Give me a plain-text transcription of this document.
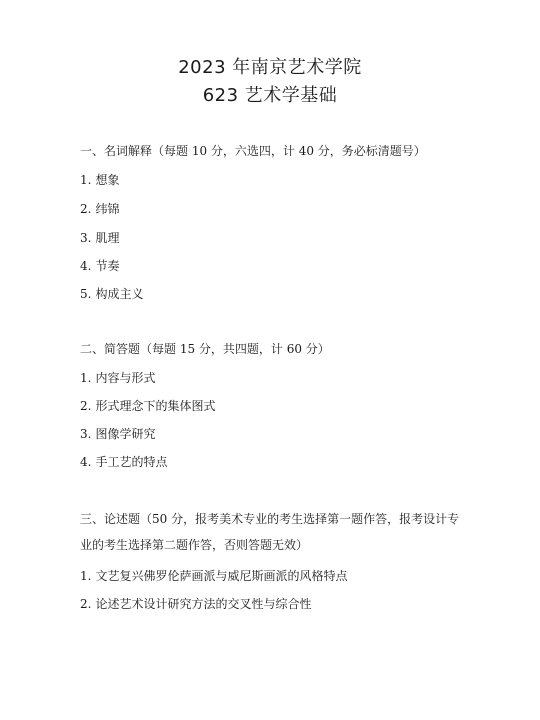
2023 年南京艺术学院
623 艺术学基础

一、名词解释（每题 10 分，六选四，计 40 分，务必标清题号）

1. 想象
2. 纬锦
3. 肌理
4. 节奏
5. 构成主义

二、简答题（每题 15 分，共四题，计 60 分）

1. 内容与形式
2. 形式理念下的集体图式
3. 图像学研究
4. 手工艺的特点

三、论述题（50 分，报考美术专业的考生选择第一题作答，报考设计专业的考生选择第二题作答，否则答题无效）

1. 文艺复兴佛罗伦萨画派与威尼斯画派的风格特点
2. 论述艺术设计研究方法的交叉性与综合性
